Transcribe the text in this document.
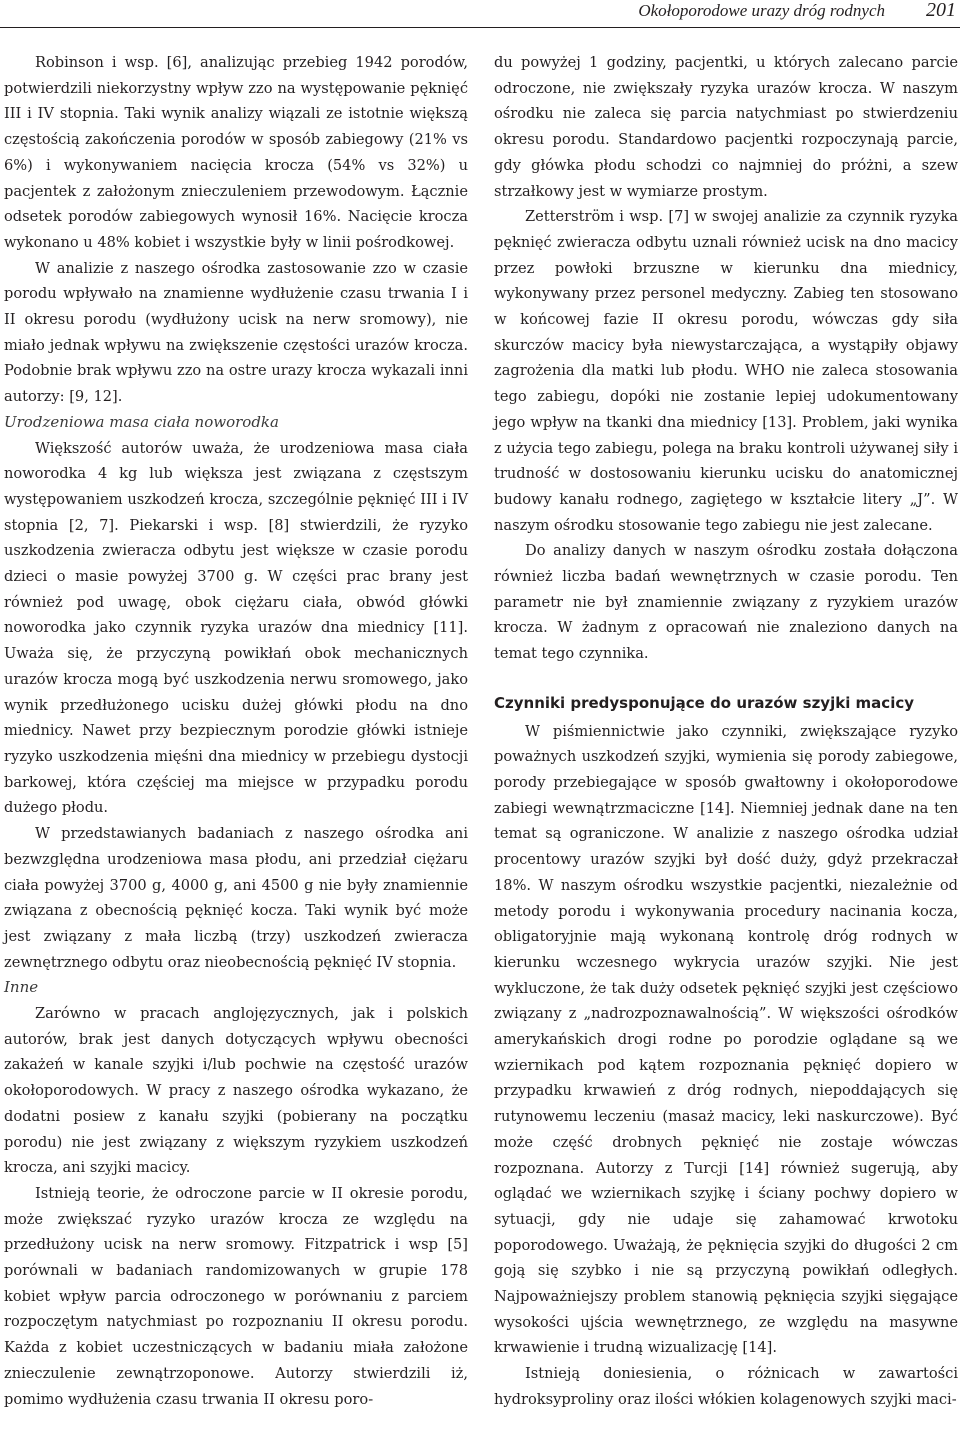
Okołoporodowe urazy dróg rodnych 201

Robinson i wsp. [6], analizując przebieg 1942 porodów, potwierdzili niekorzystny wpływ zzo na występowanie pęknięć III i IV stopnia. Taki wynik analizy wiązali ze istotnie większą częstością zakończenia porodów w sposób zabiegowy (21% vs 6%) i wykonywaniem nacięcia krocza (54% vs 32%) u pacjentek z założonym znieczuleniem przewodowym. Łącznie odsetek porodów zabiegowych wynosił 16%. Nacięcie krocza wykonano u 48% kobiet i wszystkie były w linii pośrodkowej.

W analizie z naszego ośrodka zastosowanie zzo w czasie porodu wpływało na znamienne wydłużenie czasu trwania I i II okresu porodu (wydłużony ucisk na nerw sromowy), nie miało jednak wpływu na zwiększenie częstości urazów krocza. Podobnie brak wpływu zzo na ostre urazy krocza wykazali inni autorzy: [9, 12].

Urodzeniowa masa ciała noworodka

Większość autorów uważa, że urodzeniowa masa ciała noworodka 4 kg lub większa jest związana z częstszym występowaniem uszkodzeń krocza, szczególnie pęknięć III i IV stopnia [2, 7]. Piekarski i wsp. [8] stwierdzili, że ryzyko uszkodzenia zwieracza odbytu jest większe w czasie porodu dzieci o masie powyżej 3700 g. W części prac brany jest również pod uwagę, obok ciężaru ciała, obwód główki noworodka jako czynnik ryzyka urazów dna miednicy [11]. Uważa się, że przyczyną powikłań obok mechanicznych urazów krocza mogą być uszkodzenia nerwu sromowego, jako wynik przedłużonego ucisku dużej główki płodu na dno miednicy. Nawet przy bezpiecznym porodzie główki istnieje ryzyko uszkodzenia mięśni dna miednicy w przebiegu dystocji barkowej, która częściej ma miejsce w przypadku porodu dużego płodu.

W przedstawianych badaniach z naszego ośrodka ani bezwzględna urodzeniowa masa płodu, ani przedział ciężaru ciała powyżej 3700 g, 4000 g, ani 4500 g nie były znamiennie związana z obecnością pęknięć kocza. Taki wynik być może jest związany z mała liczbą (trzy) uszkodzeń zwieracza zewnętrznego odbytu oraz nieobecnością pęknięć IV stopnia.

Inne

Zarówno w pracach anglojęzycznych, jak i polskich autorów, brak jest danych dotyczących wpływu obecności zakażeń w kanale szyjki i/lub pochwie na częstość urazów okołoporodowych. W pracy z naszego ośrodka wykazano, że dodatni posiew z kanału szyjki (pobierany na początku porodu) nie jest związany z większym ryzykiem uszkodzeń krocza, ani szyjki macicy.

Istnieją teorie, że odroczone parcie w II okresie porodu, może zwiększać ryzyko urazów krocza ze względu na przedłużony ucisk na nerw sromowy. Fitzpatrick i wsp [5] porównali w badaniach randomizowanych w grupie 178 kobiet wpływ parcia odroczonego w porównaniu z parciem rozpoczętym natychmiast po rozpoznaniu II okresu porodu. Każda z kobiet uczestniczących w badaniu miała założone znieczulenie zewnątrzoponowe. Autorzy stwierdzili iż, pomimo wydłużenia czasu trwania II okresu poro-

du powyżej 1 godziny, pacjentki, u których zalecano parcie odroczone, nie zwiększały ryzyka urazów krocza. W naszym ośrodku nie zaleca się parcia natychmiast po stwierdzeniu okresu porodu. Standardowo pacjentki rozpoczynają parcie, gdy główka płodu schodzi co najmniej do próżni, a szew strzałkowy jest w wymiarze prostym.

Zetterström i wsp. [7] w swojej analizie za czynnik ryzyka pęknięć zwieracza odbytu uznali również ucisk na dno macicy przez powłoki brzuszne w kierunku dna miednicy, wykonywany przez personel medyczny. Zabieg ten stosowano w końcowej fazie II okresu porodu, wówczas gdy siła skurczów macicy była niewystarczająca, a wystąpiły objawy zagrożenia dla matki lub płodu. WHO nie zaleca stosowania tego zabiegu, dopóki nie zostanie lepiej udokumentowany jego wpływ na tkanki dna miednicy [13]. Problem, jaki wynika z użycia tego zabiegu, polega na braku kontroli używanej siły i trudność w dostosowaniu kierunku ucisku do anatomicznej budowy kanału rodnego, zagiętego w kształcie litery „J”. W naszym ośrodku stosowanie tego zabiegu nie jest zalecane.

Do analizy danych w naszym ośrodku została dołączona również liczba badań wewnętrznych w czasie porodu. Ten parametr nie był znamiennie związany z ryzykiem urazów krocza. W żadnym z opracowań nie znaleziono danych na temat tego czynnika.

Czynniki predysponujące do urazów szyjki macicy

W piśmiennictwie jako czynniki, zwiększające ryzyko poważnych uszkodzeń szyjki, wymienia się porody zabiegowe, porody przebiegające w sposób gwałtowny i okołoporodowe zabiegi wewnątrzmaciczne [14]. Niemniej jednak dane na ten temat są ograniczone. W analizie z naszego ośrodka udział procentowy urazów szyjki był dość duży, gdyż przekraczał 18%. W naszym ośrodku wszystkie pacjentki, niezależnie od metody porodu i wykonywania procedury nacinania kocza, obligatoryjnie mają wykonaną kontrolę dróg rodnych w kierunku wczesnego wykrycia urazów szyjki. Nie jest wykluczone, że tak duży odsetek pęknięć szyjki jest częściowo związany z „nadrozpoznawalnością”. W większości ośrodków amerykańskich drogi rodne po porodzie oglądane są we wziernikach pod kątem rozpoznania pęknięć dopiero w przypadku krwawień z dróg rodnych, niepoddających się rutynowemu leczeniu (masaż macicy, leki naskurczowe). Być może część drobnych pęknięć nie zostaje wówczas rozpoznana. Autorzy z Turcji [14] również sugerują, aby oglądać we wziernikach szyjkę i ściany pochwy dopiero w sytuacji, gdy nie udaje się zahamować krwotoku poporodowego. Uważają, że pęknięcia szyjki do długości 2 cm goją się szybko i nie są przyczyną powikłań odległych. Najpoważniejszy problem stanowią pęknięcia szyjki sięgające wysokości ujścia wewnętrznego, ze względu na masywne krwawienie i trudną wizualizację [14].

Istnieją doniesienia, o różnicach w zawartości hydroksyproliny oraz ilości włókien kolagenowych szyjki maci-
